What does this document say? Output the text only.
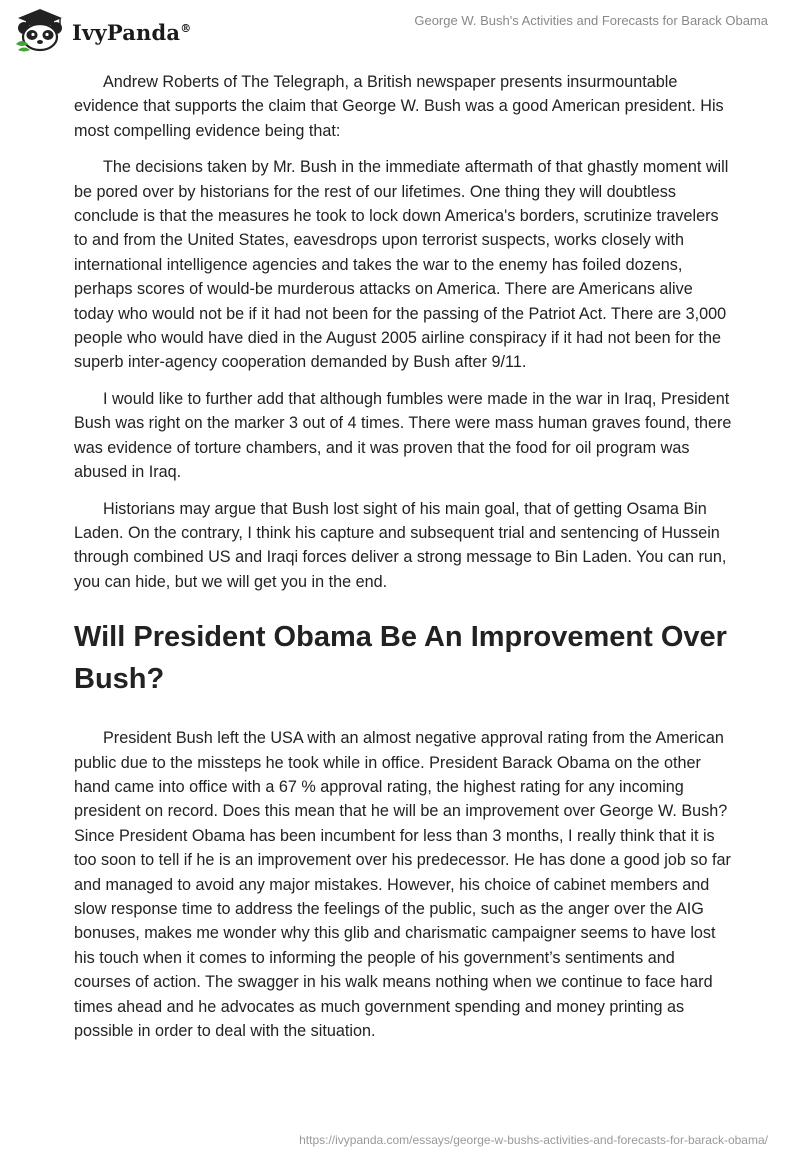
IvyPanda®	George W. Bush's Activities and Forecasts for Barack Obama

Andrew Roberts of The Telegraph, a British newspaper presents insurmountable evidence that supports the claim that George W. Bush was a good American president. His most compelling evidence being that:

The decisions taken by Mr. Bush in the immediate aftermath of that ghastly moment will be pored over by historians for the rest of our lifetimes. One thing they will doubtless conclude is that the measures he took to lock down America's borders, scrutinize travelers to and from the United States, eavesdrops upon terrorist suspects, works closely with international intelligence agencies and takes the war to the enemy has foiled dozens, perhaps scores of would-be murderous attacks on America. There are Americans alive today who would not be if it had not been for the passing of the Patriot Act. There are 3,000 people who would have died in the August 2005 airline conspiracy if it had not been for the superb inter-agency cooperation demanded by Bush after 9/11.

I would like to further add that although fumbles were made in the war in Iraq, President Bush was right on the marker 3 out of 4 times. There were mass human graves found, there was evidence of torture chambers, and it was proven that the food for oil program was abused in Iraq.

Historians may argue that Bush lost sight of his main goal, that of getting Osama Bin Laden. On the contrary, I think his capture and subsequent trial and sentencing of Hussein through combined US and Iraqi forces deliver a strong message to Bin Laden. You can run, you can hide, but we will get you in the end.

Will President Obama Be An Improvement Over Bush?

President Bush left the USA with an almost negative approval rating from the American public due to the missteps he took while in office. President Barack Obama on the other hand came into office with a 67 % approval rating, the highest rating for any incoming president on record. Does this mean that he will be an improvement over George W. Bush? Since President Obama has been incumbent for less than 3 months, I really think that it is too soon to tell if he is an improvement over his predecessor. He has done a good job so far and managed to avoid any major mistakes. However, his choice of cabinet members and slow response time to address the feelings of the public, such as the anger over the AIG bonuses, makes me wonder why this glib and charismatic campaigner seems to have lost his touch when it comes to informing the people of his government’s sentiments and courses of action. The swagger in his walk means nothing when we continue to face hard times ahead and he advocates as much government spending and money printing as possible in order to deal with the situation.

https://ivypanda.com/essays/george-w-bushs-activities-and-forecasts-for-barack-obama/
